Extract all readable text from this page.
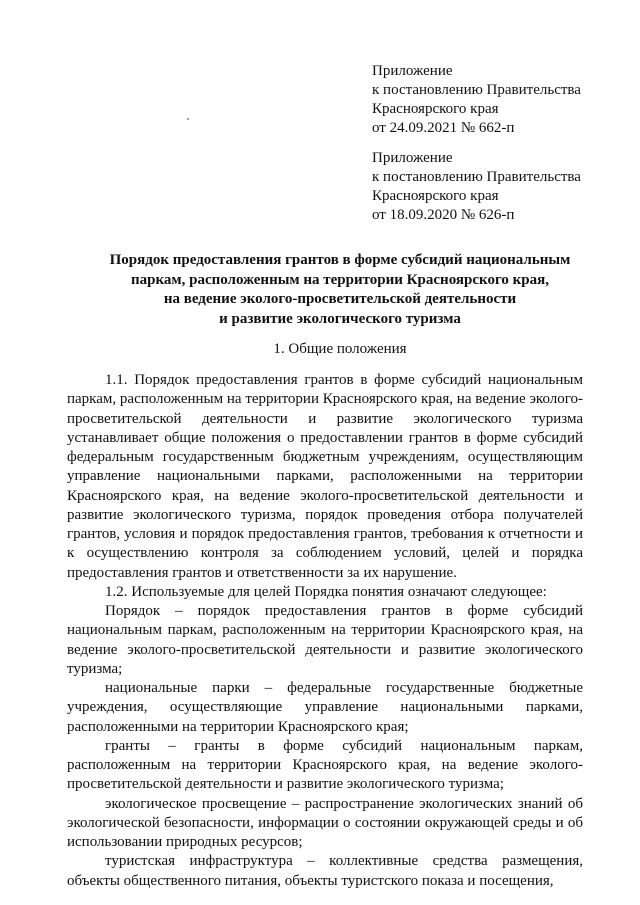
Приложение

к постановлению Правительства

Красноярского края

от 24.09.2021 № 662-п

Приложение

к постановлению Правительства

Красноярского края

от 18.09.2020 № 626-п

Порядок предоставления грантов в форме субсидий национальным

паркам, расположенным на территории Красноярского края,

на ведение эколого-просветительской деятельности

и развитие экологического туризма

1. Общие положения

1.1. Порядок предоставления грантов в форме субсидий национальным паркам, расположенным на территории Красноярского края, на ведение эколого-просветительской деятельности и развитие экологического туризма устанавливает общие положения о предоставлении грантов в форме субсидий федеральным государственным бюджетным учреждениям, осуществляющим управление национальными парками, расположенными на территории Красноярского края, на ведение эколого-просветительской деятельности и развитие экологического туризма, порядок проведения отбора получателей грантов, условия и порядок предоставления грантов, требования к отчетности и к осуществлению контроля за соблюдением условий, целей и порядка предоставления грантов и ответственности за их нарушение.

1.2. Используемые для целей Порядка понятия означают следующее:

Порядок – порядок предоставления грантов в форме субсидий национальным паркам, расположенным на территории Красноярского края, на ведение эколого-просветительской деятельности и развитие экологического туризма;

национальные парки – федеральные государственные бюджетные учреждения, осуществляющие управление национальными парками, расположенными на территории Красноярского края;

гранты – гранты в форме субсидий национальным паркам, расположенным на территории Красноярского края, на ведение эколого-просветительской деятельности и развитие экологического туризма;

экологическое просвещение – распространение экологических знаний об экологической безопасности, информации о состоянии окружающей среды и об использовании природных ресурсов;

туристская инфраструктура – коллективные средства размещения, объекты общественного питания, объекты туристского показа и посещения,
